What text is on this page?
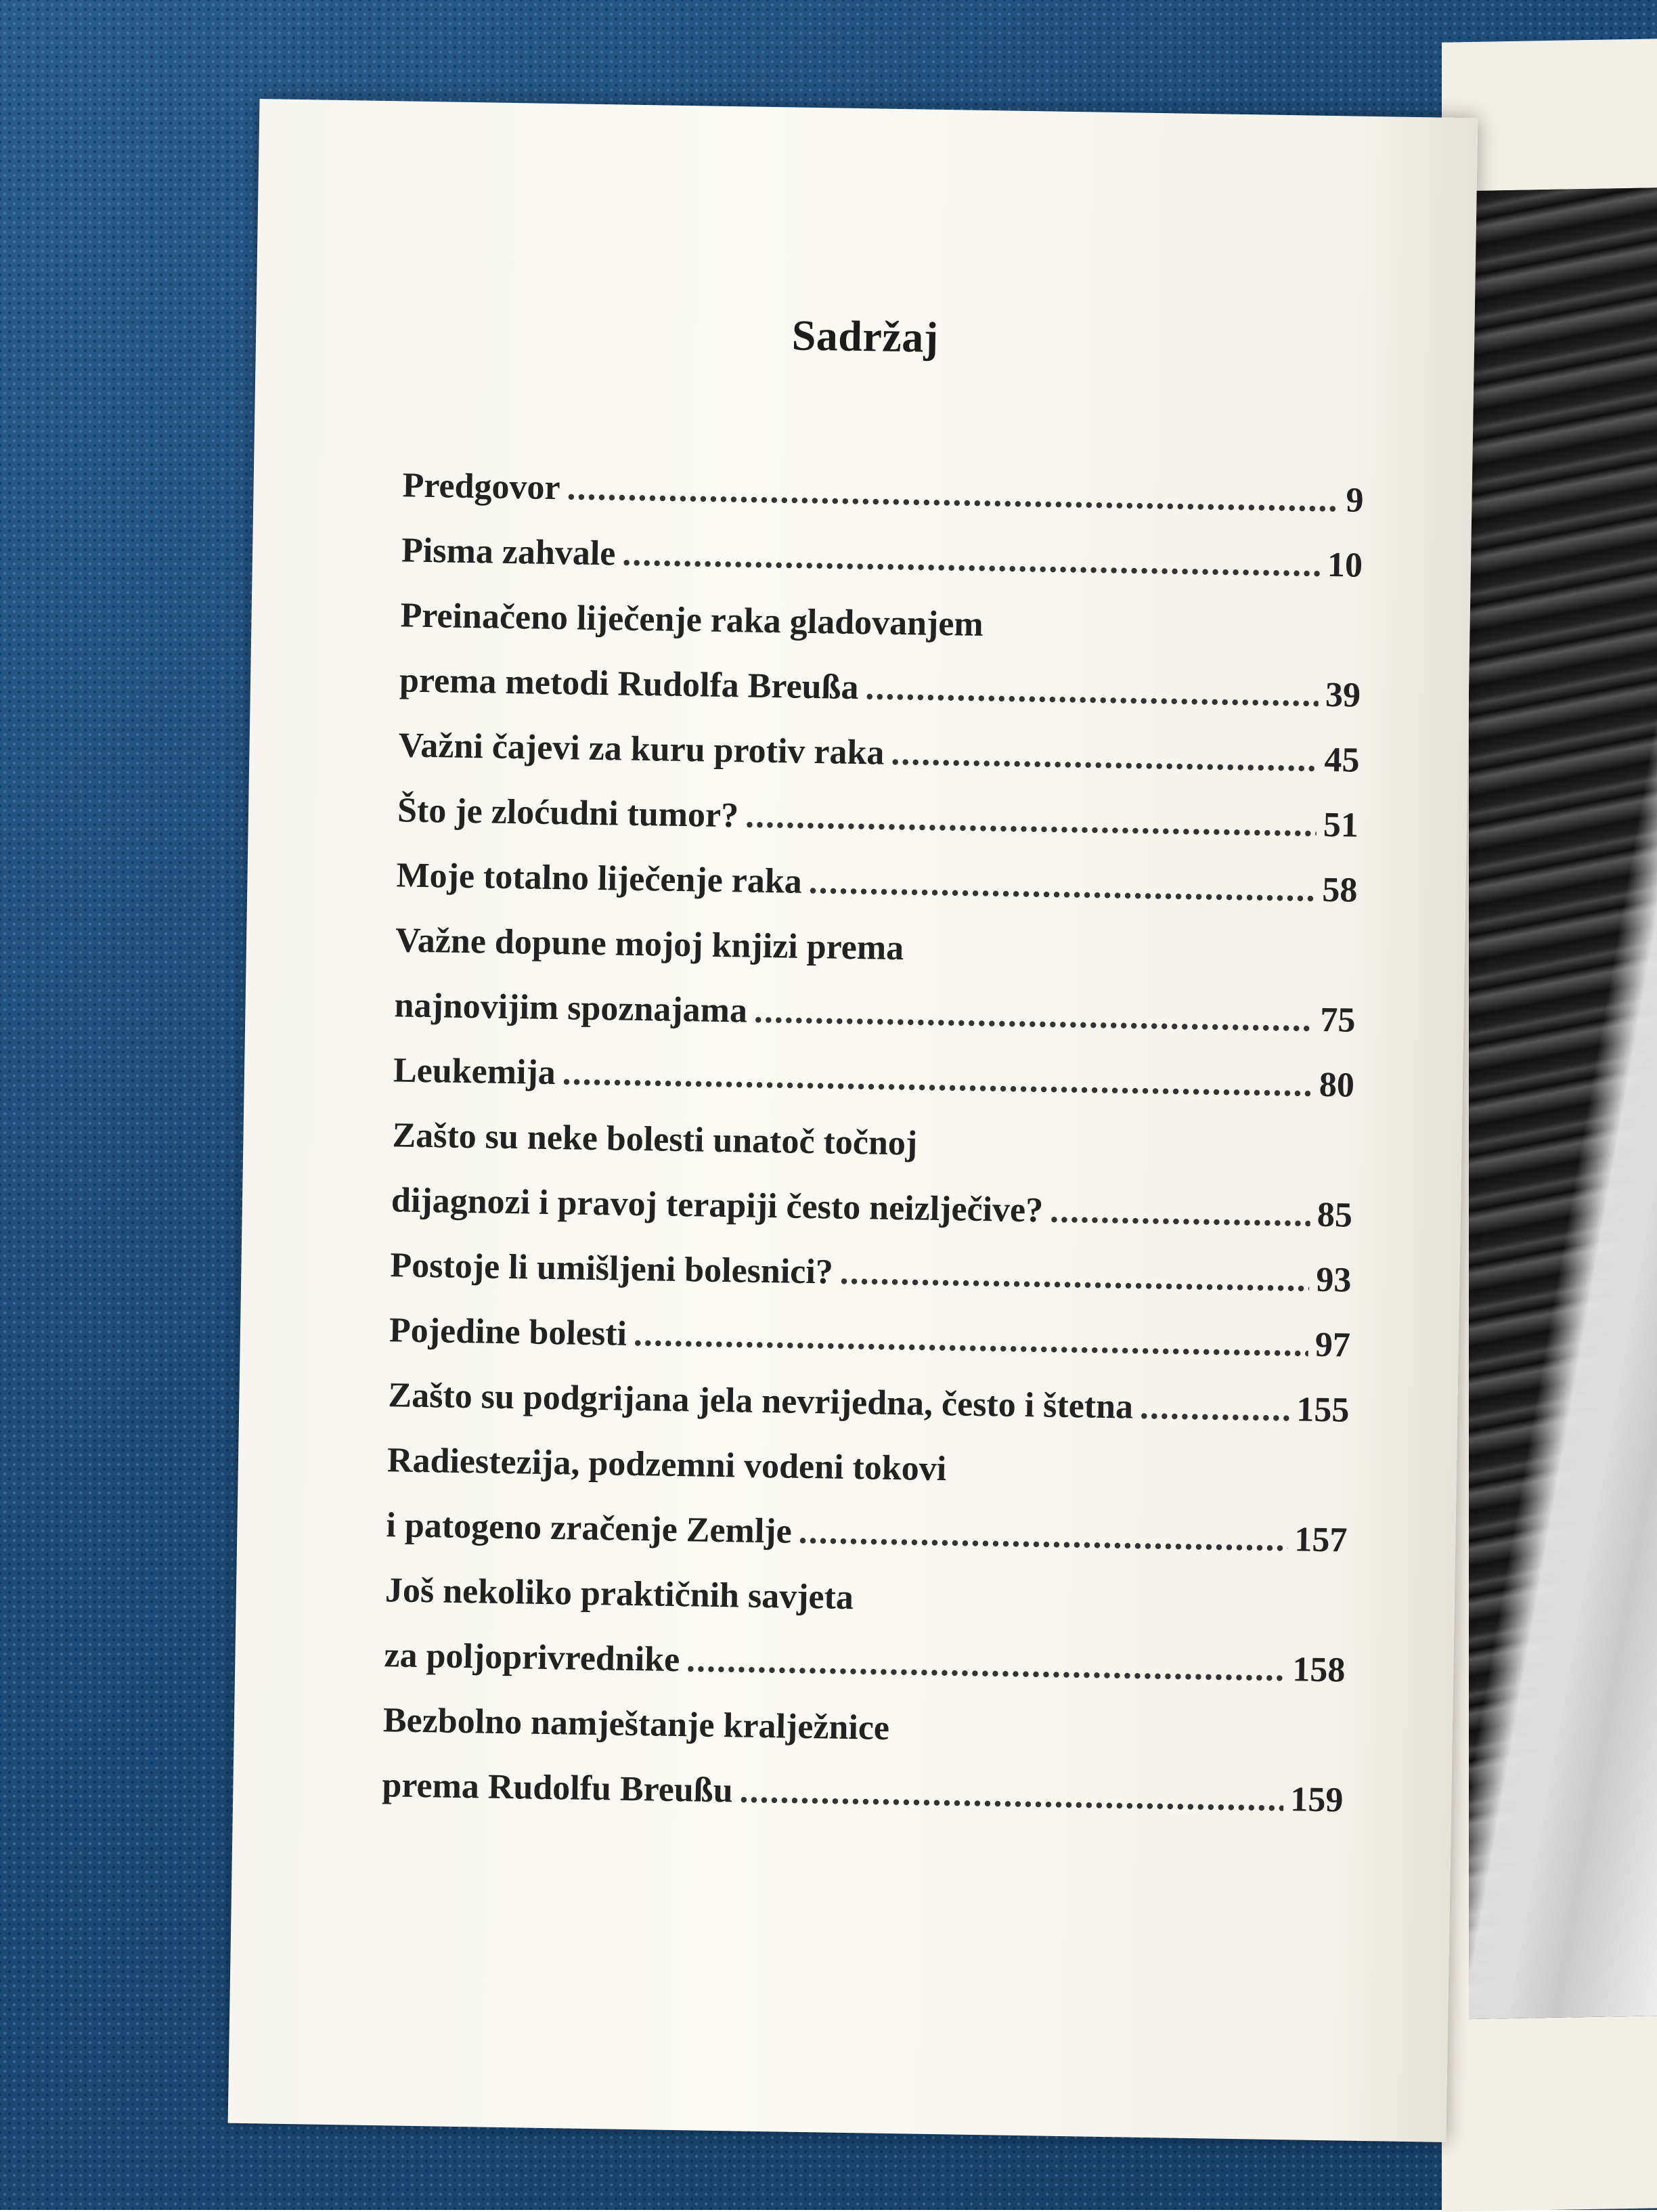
Sadržaj
Predgovor .....	9
Pisma zahvale .....	10
Preinačeno liječenje raka gladovanjem
prema metodi Rudolfa Breußa .....	39
Važni čajevi za kuru protiv raka .....	45
Što je zloćudni tumor? .....	51
Moje totalno liječenje raka .....	58
Važne dopune mojoj knjizi prema
najnovijim spoznajama .....	75
Leukemija .....	80
Zašto su neke bolesti unatoč točnoj
dijagnozi i pravoj terapiji često neizlječive? .....	85
Postoje li umišljeni bolesnici? .....	93
Pojedine bolesti .....	97
Zašto su podgrijana jela nevrijedna, često i štetna .....	155
Radiestezija, podzemni vodeni tokovi
i patogeno zračenje Zemlje .....	157
Još nekoliko praktičnih savjeta
za poljoprivrednike .....	158
Bezbolno namještanje kralježnice
prema Rudolfu Breußu .....	159
